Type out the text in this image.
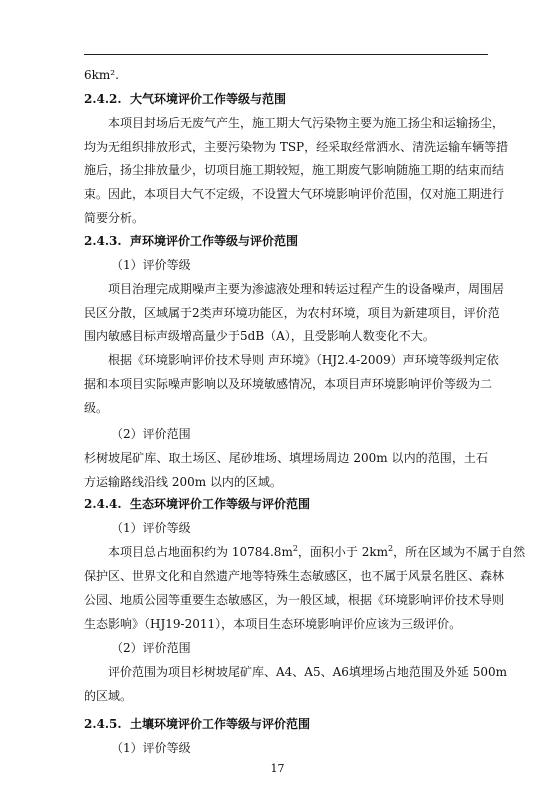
6km².
2.4.2. 大气环境评价工作等级与范围
本项目封场后无废气产生，施工期大气污染物主要为施工扬尘和运输扬尘，
均为无组织排放形式，主要污染物为 TSP，经采取经常洒水、清洗运输车辆等措
施后，扬尘排放量少，切项目施工期较短，施工期废气影响随施工期的结束而结
束。因此，本项目大气不定级，不设置大气环境影响评价范围，仅对施工期进行
简要分析。
2.4.3. 声环境评价工作等级与评价范围
（1）评价等级
项目治理完成期噪声主要为渗滤液处理和转运过程产生的设备噪声，周围居
民区分散，区域属于2类声环境功能区，为农村环境，项目为新建项目，评价范
围内敏感目标声级增高量少于5dB（A），且受影响人数变化不大。
根据《环境影响评价技术导则 声环境》（HJ2.4-2009）声环境等级判定依
据和本项目实际噪声影响以及环境敏感情况，本项目声环境影响评价等级为二
级。
（2）评价范围
杉树坡尾矿库、取土场区、尾砂堆场、填埋场周边 200m 以内的范围，土石
方运输路线沿线 200m 以内的区域。
2.4.4. 生态环境评价工作等级与评价范围
（1）评价等级
本项目总占地面积约为 $10784.8m^2$，面积小于 $2km^2$，所在区域为不属于自然
保护区、世界文化和自然遗产地等特殊生态敏感区，也不属于风景名胜区、森林
公园、地质公园等重要生态敏感区，为一般区域，根据《环境影响评价技术导则
生态影响》（HJ19-2011），本项目生态环境影响评价应该为三级评价。
（2）评价范围
评价范围为项目杉树坡尾矿库、A4、A5、A6填埋场占地范围及外延 500m
的区域。
2.4.5. 土壤环境评价工作等级与评价范围
（1）评价等级
17
